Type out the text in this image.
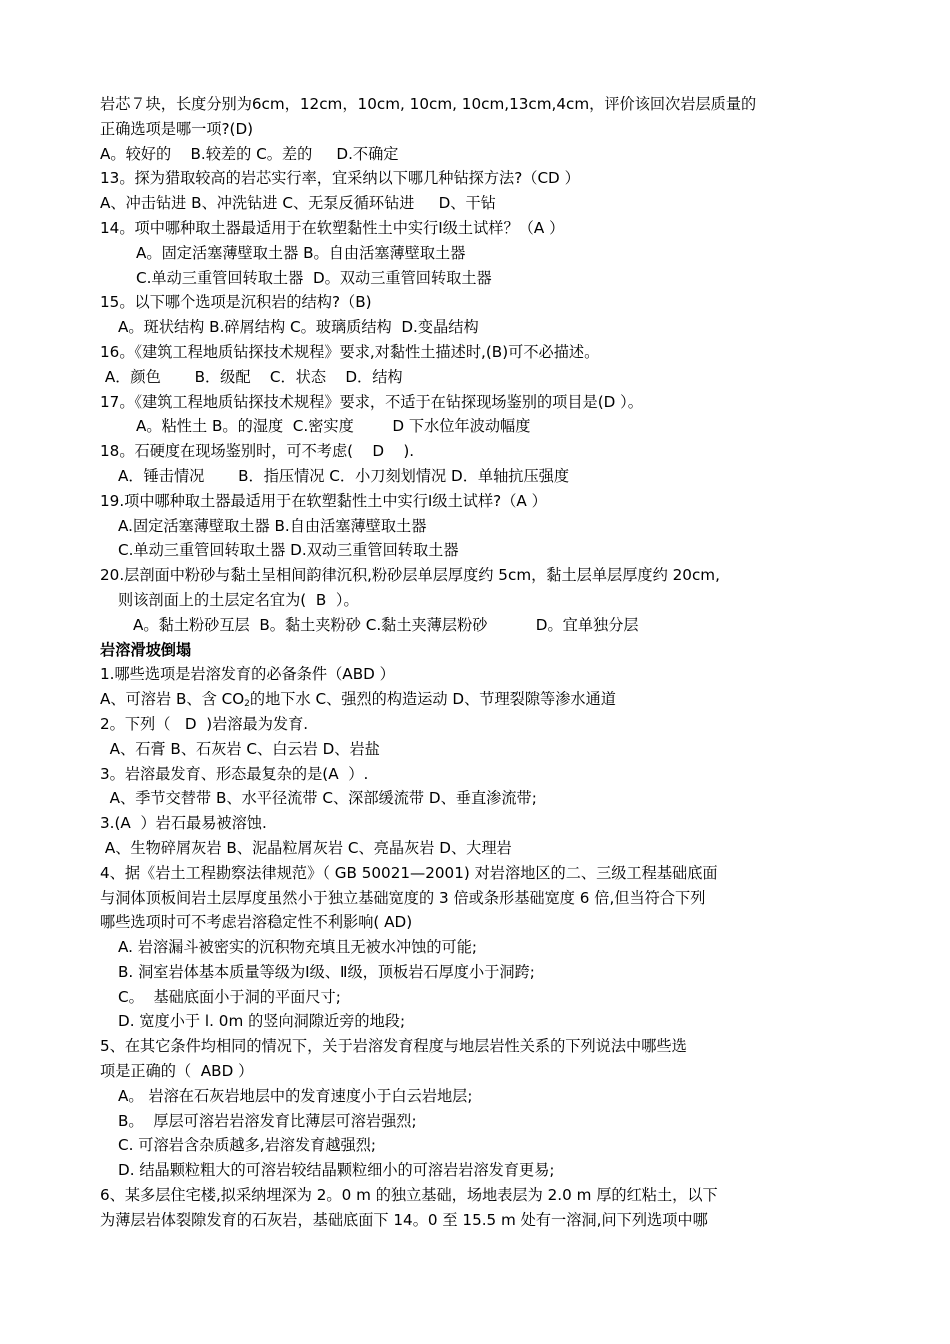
岩芯７块，长度分别为6cm，12cm，10cm, 10cm, 10cm,13cm,4cm，评价该回次岩层质量的
正确选项是哪一项?(D)
A。较好的    B.较差的 C。差的     D.不确定
13。探为猎取较高的岩芯实行率，宜采纳以下哪几种钻探方法?（CD ）
A、冲击钻进 B、冲洗钻进 C、无泵反循环钻进     D、干钻
14。项中哪种取土器最适用于在软塑黏性土中实行Ⅰ级土试样？（A ）
A。固定活塞薄壁取土器 B。自由活塞薄壁取土器
C.单动三重管回转取土器  D。双动三重管回转取土器
15。以下哪个选项是沉积岩的结构?（B)
A。斑状结构 B.碎屑结构 C。玻璃质结构  D.变晶结构
16。《建筑工程地质钻探技术规程》要求,对黏性土描述时,(B)可不必描述。
A．颜色       B．级配    C．状态    D．结构
17。《建筑工程地质钻探技术规程》要求，不适于在钻探现场鉴别的项目是(D ）。
A。粘性土 B。的湿度  C.密实度        D 下水位年波动幅度
18。石硬度在现场鉴别时，可不考虑(    D    ).
A．锤击情况       B．指压情况 C．小刀刻划情况 D．单轴抗压强度
19.项中哪种取土器最适用于在软塑黏性土中实行Ⅰ级土试样?（A ）
A.固定活塞薄壁取土器 B.自由活塞薄壁取土器
C.单动三重管回转取土器 D.双动三重管回转取土器
20.层剖面中粉砂与黏土呈相间韵律沉积,粉砂层单层厚度约 5cm，黏土层单层厚度约 20cm,
则该剖面上的土层定名宜为(  B  ）。
A。黏土粉砂互层  B。黏土夹粉砂 C.黏土夹薄层粉砂          D。宜单独分层
岩溶滑坡倒塌
1.哪些选项是岩溶发育的必备条件（ABD ）
A、可溶岩 B、含 $CO_2$的地下水 C、强烈的构造运动 D、节理裂隙等渗水通道
2。下列（   D  )岩溶最为发育.
A、石膏 B、石灰岩 C、白云岩 D、岩盐
3。岩溶最发育、形态最复杂的是(A  ）.
A、季节交替带 B、水平径流带 C、深部缓流带 D、垂直渗流带;
3.(A  ）岩石最易被溶蚀.
A、生物碎屑灰岩 B、泥晶粒屑灰岩 C、亮晶灰岩 D、大理岩
4、据《岩土工程勘察法律规范》（ GB 50021—2001) 对岩溶地区的二、三级工程基础底面
与洞体顶板间岩土层厚度虽然小于独立基础宽度的 3 倍或条形基础宽度 6 倍,但当符合下列
哪些选项时可不考虑岩溶稳定性不利影响( AD)
A. 岩溶漏斗被密实的沉积物充填且无被水冲蚀的可能;
B. 洞室岩体基本质量等级为Ⅰ级、Ⅱ级，顶板岩石厚度小于洞跨;
C。  基础底面小于洞的平面尺寸;
D. 宽度小于 l. 0m 的竖向洞隙近旁的地段;
5、在其它条件均相同的情况下，关于岩溶发育程度与地层岩性关系的下列说法中哪些选
项是正确的（  ABD ）
A。 岩溶在石灰岩地层中的发育速度小于白云岩地层;
B。  厚层可溶岩岩溶发育比薄层可溶岩强烈;
C. 可溶岩含杂质越多,岩溶发育越强烈;
D. 结晶颗粒粗大的可溶岩较结晶颗粒细小的可溶岩岩溶发育更易;
6、某多层住宅楼,拟采纳埋深为 2。0 m 的独立基础，场地表层为 2.0 m 厚的红粘土，以下
为薄层岩体裂隙发育的石灰岩，基础底面下 14。0 至 15.5 m 处有一溶洞,问下列选项中哪
